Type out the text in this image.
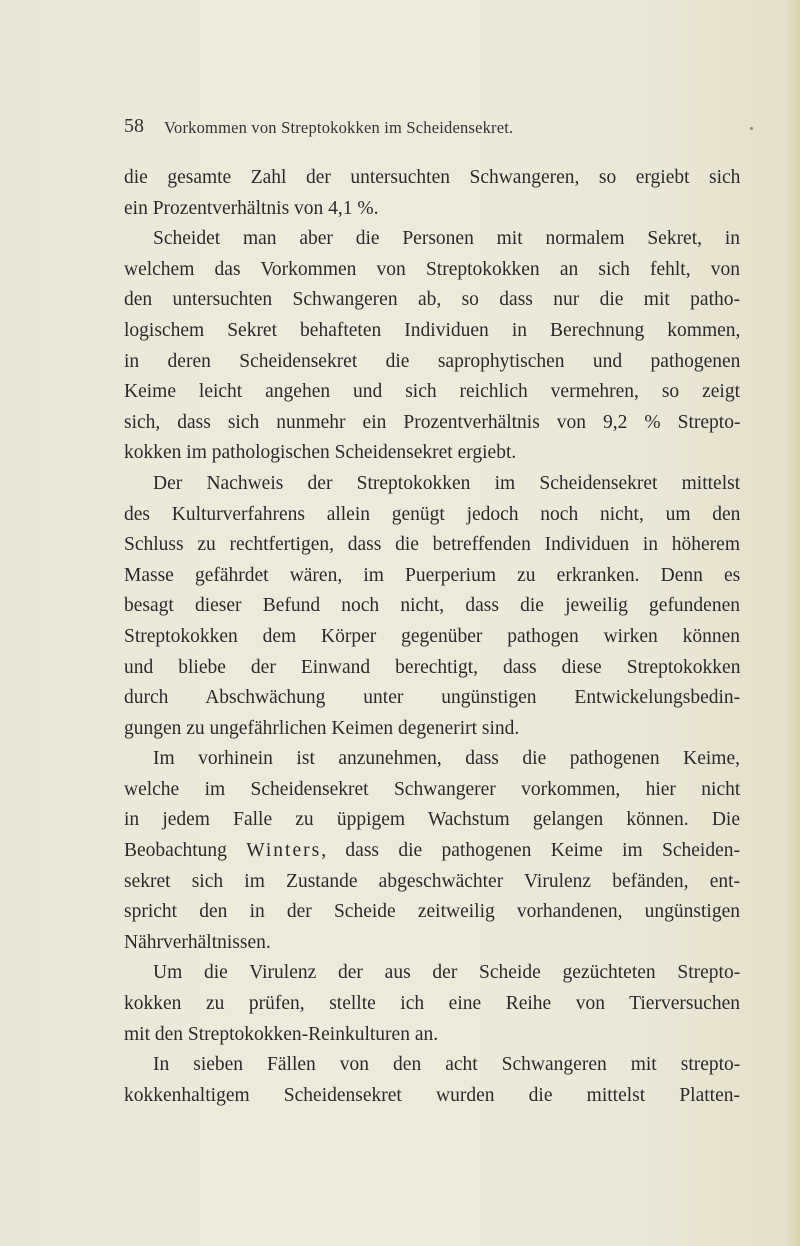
58 Vorkommen von Streptokokken im Scheidensekret.
die gesamte Zahl der untersuchten Schwangeren, so ergiebt sich
ein Prozentverhältnis von 4,1 %.
Scheidet man aber die Personen mit normalem Sekret, in
welchem das Vorkommen von Streptokokken an sich fehlt, von
den untersuchten Schwangeren ab, so dass nur die mit patho-
logischem Sekret behafteten Individuen in Berechnung kommen,
in deren Scheidensekret die saprophytischen und pathogenen
Keime leicht angehen und sich reichlich vermehren, so zeigt
sich, dass sich nunmehr ein Prozentverhältnis von 9,2 % Strepto-
kokken im pathologischen Scheidensekret ergiebt.
Der Nachweis der Streptokokken im Scheidensekret mittelst
des Kulturverfahrens allein genügt jedoch noch nicht, um den
Schluss zu rechtfertigen, dass die betreffenden Individuen in höherem
Masse gefährdet wären, im Puerperium zu erkranken. Denn es
besagt dieser Befund noch nicht, dass die jeweilig gefundenen
Streptokokken dem Körper gegenüber pathogen wirken können
und bliebe der Einwand berechtigt, dass diese Streptokokken
durch Abschwächung unter ungünstigen Entwickelungsbedin-
gungen zu ungefährlichen Keimen degenerirt sind.
Im vorhinein ist anzunehmen, dass die pathogenen Keime,
welche im Scheidensekret Schwangerer vorkommen, hier nicht
in jedem Falle zu üppigem Wachstum gelangen können. Die
Beobachtung Winters, dass die pathogenen Keime im Scheiden-
sekret sich im Zustande abgeschwächter Virulenz befänden, ent-
spricht den in der Scheide zeitweilig vorhandenen, ungünstigen
Nährverhältnissen.
Um die Virulenz der aus der Scheide gezüchteten Strepto-
kokken zu prüfen, stellte ich eine Reihe von Tierversuchen
mit den Streptokokken-Reinkulturen an.
In sieben Fällen von den acht Schwangeren mit strepto-
kokkenhaltigem Scheidensekret wurden die mittelst Platten-
